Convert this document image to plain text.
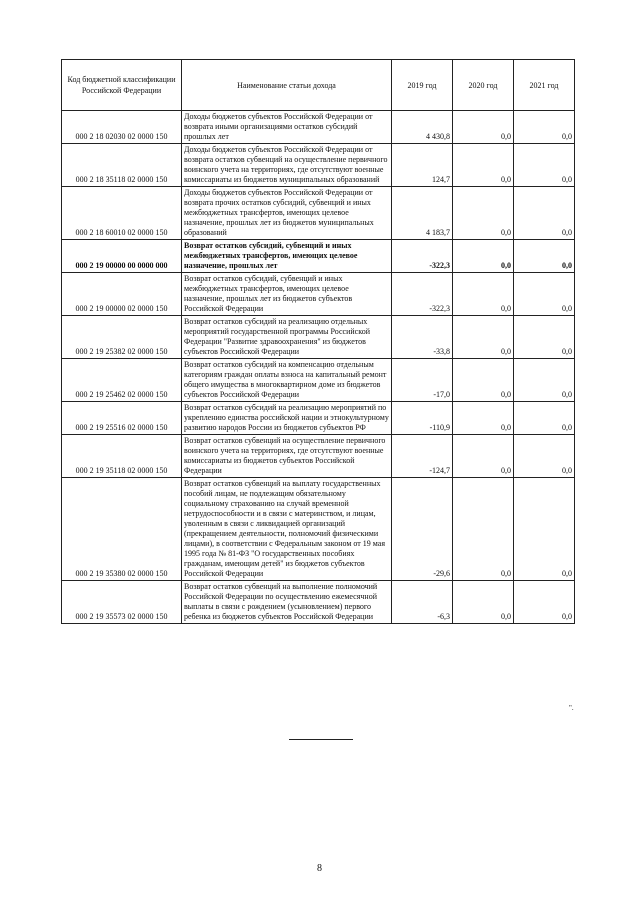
Код бюджетной классификации Российской Федерации	Наименование статьи дохода	2019 год	2020 год	2021 год
000 2 18 02030 02 0000 150	Доходы бюджетов субъектов Российской Федерации от возврата иными организациями остатков субсидий прошлых лет	4 430,8	0,0	0,0
000 2 18 35118 02 0000 150	Доходы бюджетов субъектов Российской Федерации от возврата остатков субвенций на осуществление первичного воинского учета на территориях, где отсутствуют военные комиссариаты из бюджетов муниципальных образований	124,7	0,0	0,0
000 2 18 60010 02 0000 150	Доходы бюджетов субъектов Российской Федерации от возврата прочих остатков субсидий, субвенций и иных межбюджетных трансфертов, имеющих целевое назначение, прошлых лет из бюджетов муниципальных образований	4 183,7	0,0	0,0
000 2 19 00000 00 0000 000	Возврат остатков субсидий, субвенций и иных межбюджетных трансфертов, имеющих целевое назначение, прошлых лет	-322,3	0,0	0,0
000 2 19 00000 02 0000 150	Возврат остатков субсидий, субвенций и иных межбюджетных трансфертов, имеющих целевое назначение, прошлых лет из бюджетов субъектов Российской Федерации	-322,3	0,0	0,0
000 2 19 25382 02 0000 150	Возврат остатков субсидий на реализацию отдельных мероприятий государственной программы Российской Федерации "Развитие здравоохранения" из бюджетов субъектов Российской Федерации	-33,8	0,0	0,0
000 2 19 25462 02 0000 150	Возврат остатков субсидий на компенсацию отдельным категориям граждан оплаты взноса на капитальный ремонт общего имущества в многоквартирном доме из бюджетов субъектов Российской Федерации	-17,0	0,0	0,0
000 2 19 25516 02 0000 150	Возврат остатков субсидий на реализацию мероприятий по укреплению единства российской нации и этнокультурному развитию народов России из бюджетов субъектов РФ	-110,9	0,0	0,0
000 2 19 35118 02 0000 150	Возврат остатков субвенций на осуществление первичного воинского учета на территориях, где отсутствуют военные комиссариаты из бюджетов субъектов Российской Федерации	-124,7	0,0	0,0
000 2 19 35380 02 0000 150	Возврат остатков субвенций на выплату государственных пособий лицам, не подлежащим обязательному социальному страхованию на случай временной нетрудоспособности и в связи с материнством, и лицам, уволенным в связи с ликвидацией организаций (прекращением деятельности, полномочий физическими лицами), в соответствии с Федеральным законом от 19 мая 1995 года № 81-ФЗ "О государственных пособиях гражданам, имеющим детей" из бюджетов субъектов Российской Федерации	-29,6	0,0	0,0
000 2 19 35573 02 0000 150	Возврат остатков субвенций на выполнение полномочий Российской Федерации по осуществлению ежемесячной выплаты в связи с рождением (усыновлением) первого ребенка из бюджетов субъектов Российской Федерации	-6,3	0,0	0,0
".
8
